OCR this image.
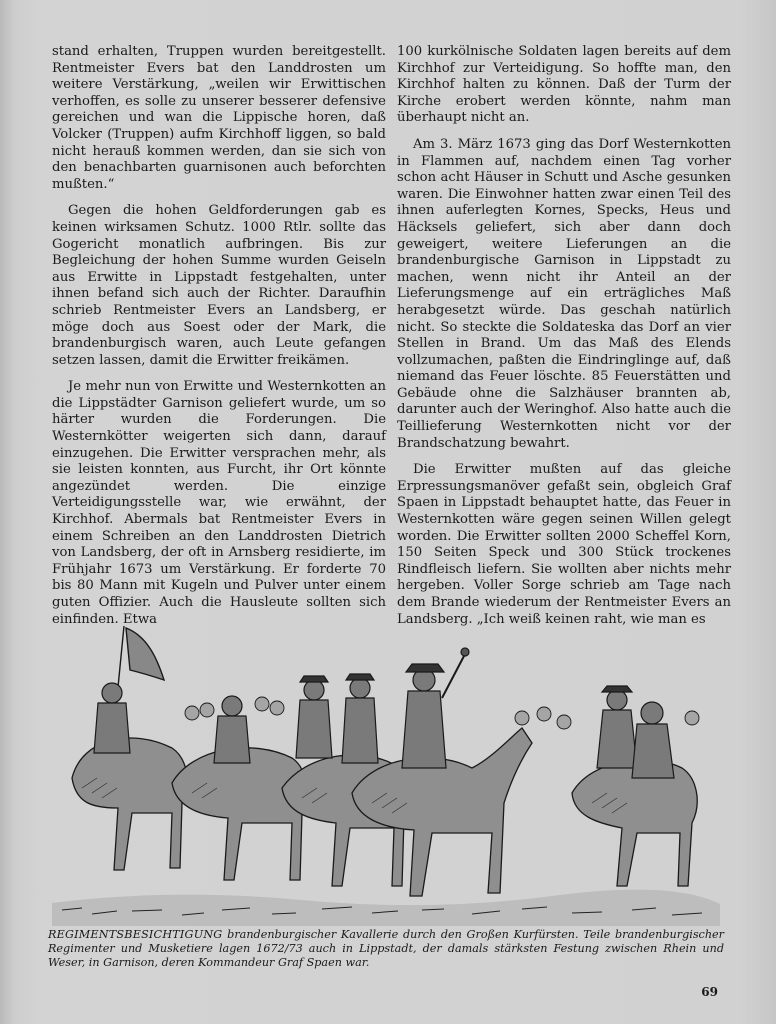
stand erhalten, Truppen wurden bereitgestellt. Rentmeister Evers bat den Landdrosten um weitere Verstärkung, „weilen wir Erwittischen verhoffen, es solle zu unserer besserer defensive gereichen und wan die Lippische horen, daß Volcker (Truppen) aufm Kirchhoff liggen, so bald nicht herauß kommen werden, dan sie sich von den benachbarten guarnisonen auch beforchten mußten.“

Gegen die hohen Geldforderungen gab es keinen wirksamen Schutz. 1000 Rtlr. sollte das Gogericht monatlich aufbringen. Bis zur Begleichung der hohen Summe wurden Geiseln aus Erwitte in Lippstadt festgehalten, unter ihnen befand sich auch der Richter. Daraufhin schrieb Rentmeister Evers an Landsberg, er möge doch aus Soest oder der Mark, die brandenburgisch waren, auch Leute gefangen setzen lassen, damit die Erwitter freikämen.

Je mehr nun von Erwitte und Westernkotten an die Lippstädter Garnison geliefert wurde, um so härter wurden die Forderungen. Die Westernkötter weigerten sich dann, darauf einzugehen. Die Erwitter versprachen mehr, als sie leisten konnten, aus Furcht, ihr Ort könnte angezündet werden. Die einzige Verteidigungsstelle war, wie erwähnt, der Kirchhof. Abermals bat Rentmeister Evers in einem Schreiben an den Landdrosten Dietrich von Landsberg, der oft in Arnsberg residierte, im Frühjahr 1673 um Verstärkung. Er forderte 70 bis 80 Mann mit Kugeln und Pulver unter einem guten Offizier. Auch die Hausleute sollten sich einfinden. Etwa

100 kurkölnische Soldaten lagen bereits auf dem Kirchhof zur Verteidigung. So hoffte man, den Kirchhof halten zu können. Daß der Turm der Kirche erobert werden könnte, nahm man überhaupt nicht an.

Am 3. März 1673 ging das Dorf Westernkotten in Flammen auf, nachdem einen Tag vorher schon acht Häuser in Schutt und Asche gesunken waren. Die Einwohner hatten zwar einen Teil des ihnen auferlegten Kornes, Specks, Heus und Häcksels geliefert, sich aber dann doch geweigert, weitere Lieferungen an die brandenburgische Garnison in Lippstadt zu machen, wenn nicht ihr Anteil an der Lieferungsmenge auf ein erträgliches Maß herabgesetzt würde. Das geschah natürlich nicht. So steckte die Soldateska das Dorf an vier Stellen in Brand. Um das Maß des Elends vollzumachen, paßten die Eindringlinge auf, daß niemand das Feuer löschte. 85 Feuerstätten und Gebäude ohne die Salzhäuser brannten ab, darunter auch der Weringhof. Also hatte auch die Teillieferung Westernkotten nicht vor der Brandschatzung bewahrt.

Die Erwitter mußten auf das gleiche Erpressungsmanöver gefaßt sein, obgleich Graf Spaen in Lippstadt behauptet hatte, das Feuer in Westernkotten wäre gegen seinen Willen gelegt worden. Die Erwitter sollten 2000 Scheffel Korn, 150 Seiten Speck und 300 Stück trockenes Rindfleisch liefern. Sie wollten aber nichts mehr hergeben. Voller Sorge schrieb am Tage nach dem Brande wiederum der Rentmeister Evers an Landsberg. „Ich weiß keinen raht, wie man es

REGIMENTSBESICHTIGUNG brandenburgischer Kavallerie durch den Großen Kurfürsten. Teile brandenburgischer Regimenter und Musketiere lagen 1672/73 auch in Lippstadt, der damals stärksten Festung zwischen Rhein und Weser, in Garnison, deren Kommandeur Graf Spaen war.
69
